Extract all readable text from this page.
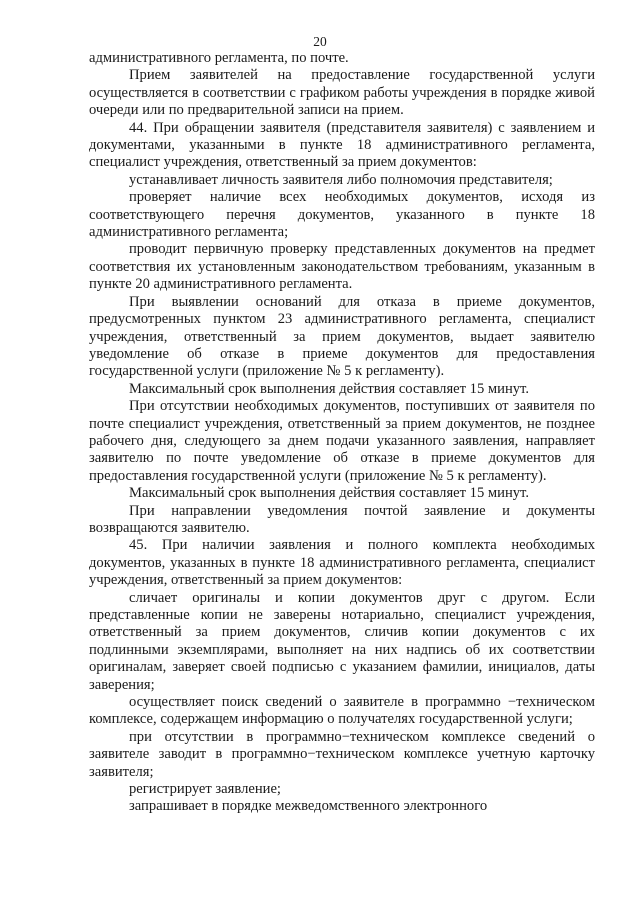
20

административного регламента, по почте.

Прием заявителей на предоставление государственной услуги осуществляется в соответствии с графиком работы учреждения в порядке живой очереди или по предварительной записи на прием.

44. При обращении заявителя (представителя заявителя) с заявлением и документами, указанными в пункте 18 административного регламента, специалист учреждения, ответственный за прием документов:

устанавливает личность заявителя либо полномочия представителя;

проверяет наличие всех необходимых документов, исходя из соответствующего перечня документов, указанного в пункте 18 административного регламента;

проводит первичную проверку представленных документов на предмет соответствия их установленным законодательством требованиям, указанным в пункте 20 административного регламента.

При выявлении оснований для отказа в приеме документов, предусмотренных пунктом 23 административного регламента, специалист учреждения, ответственный за прием документов, выдает заявителю уведомление об отказе в приеме документов для предоставления государственной услуги (приложение № 5 к регламенту).

Максимальный срок выполнения действия составляет 15 минут.

При отсутствии необходимых документов, поступивших от заявителя по почте специалист учреждения, ответственный за прием документов, не позднее рабочего дня, следующего за днем подачи указанного заявления, направляет заявителю по почте уведомление об отказе в приеме документов для предоставления государственной услуги (приложение № 5 к регламенту).

Максимальный срок выполнения действия составляет 15 минут.

При направлении уведомления почтой заявление и документы возвращаются заявителю.

45. При наличии заявления и полного комплекта необходимых документов, указанных в пункте 18 административного регламента, специалист учреждения, ответственный за прием документов:

сличает оригиналы и копии документов друг с другом. Если представленные копии не заверены нотариально, специалист учреждения, ответственный за прием документов, сличив копии документов с их подлинными экземплярами, выполняет на них надпись об их соответствии оригиналам, заверяет своей подписью с указанием фамилии, инициалов, даты заверения;

осуществляет поиск сведений о заявителе в программно −техническом комплексе, содержащем информацию о получателях государственной услуги;

при отсутствии в программно−техническом комплексе сведений о заявителе заводит в программно−техническом комплексе учетную карточку заявителя;

регистрирует заявление;

запрашивает в порядке межведомственного электронного
